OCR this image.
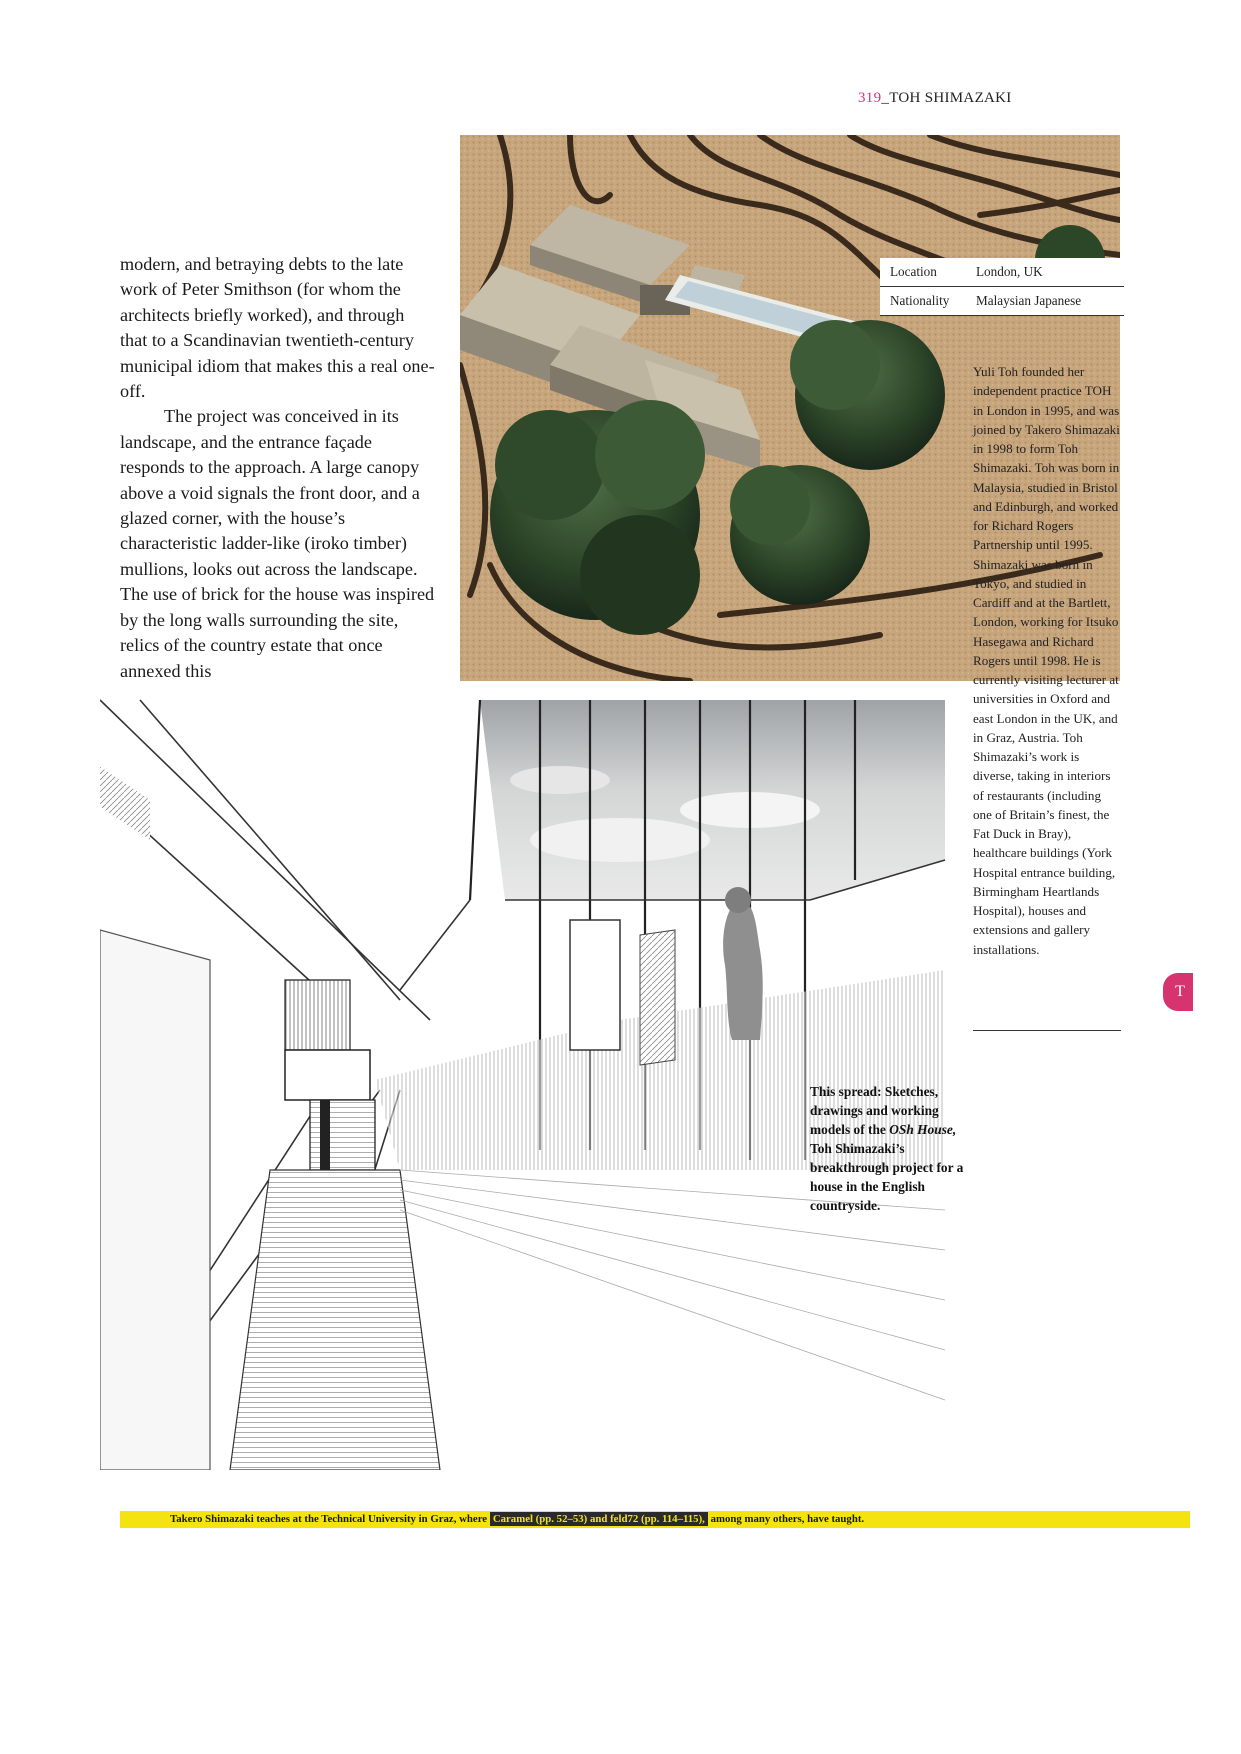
319_TOH SHIMAZAKI

modern, and betraying debts to the late work of Peter Smithson (for whom the architects briefly worked), and through that to a Scandinavian twentieth-century municipal idiom that makes this a real one-off.

The project was conceived in its landscape, and the entrance façade responds to the approach. A large canopy above a void signals the front door, and a glazed corner, with the house’s characteristic ladder-like (iroko timber) mullions, looks out across the landscape. The use of brick for the house was inspired by the long walls surrounding the site, relics of the country estate that once annexed this

Location	London, UK
Nationality	Malaysian Japanese
Yuli Toh founded her independent practice TOH in London in 1995, and was joined by Takero Shimazaki in 1998 to form Toh Shimazaki. Toh was born in Malaysia, studied in Bristol and Edinburgh, and worked for Richard Rogers Partnership until 1995. Shimazaki was born in Tokyo, and studied in Cardiff and at the Bartlett, London, working for Itsuko Hasegawa and Richard Rogers until 1998. He is currently visiting lecturer at universities in Oxford and east London in the UK, and in Graz, Austria. Toh Shimazaki’s work is diverse, taking in interiors of restaurants (including one of Britain’s finest, the Fat Duck in Bray), healthcare buildings (York Hospital entrance building, Birmingham Heartlands Hospital), houses and extensions and gallery installations.
This spread: Sketches, drawings and working models of the OSh House, Toh Shimazaki’s breakthrough project for a house in the English countryside.
T
Takero Shimazaki teaches at the Technical University in Graz, where Caramel (pp. 52–53) and feld72 (pp. 114–115), among many others, have taught.
